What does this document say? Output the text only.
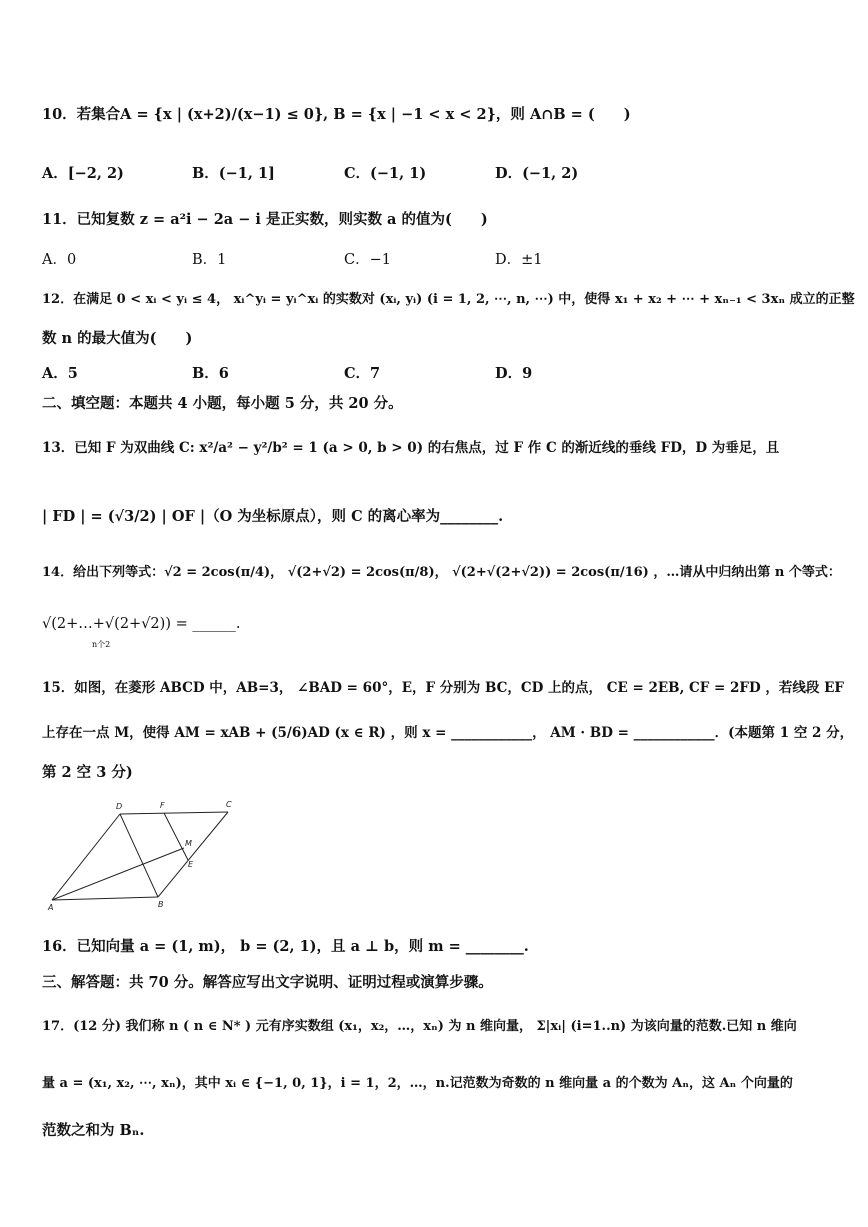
10．若集合A = {x | (x+2)/(x−1) ≤ 0}, B = {x | −1 < x < 2}，则 A∩B = (　　)
A．[−2, 2)	B．(−1, 1]	C．(−1, 1)	D．(−1, 2)
11．已知复数 z = a²i − 2a − i 是正实数，则实数 a 的值为(　　)
A．0	B．1	C．−1	D．±1
12．在满足 0 < xᵢ < yᵢ ≤ 4， xᵢ^yᵢ = yᵢ^xᵢ 的实数对 (xᵢ, yᵢ) (i = 1, 2, ⋯, n, ⋯) 中，使得 x₁ + x₂ + ⋯ + xₙ₋₁ < 3xₙ 成立的正整
数 n 的最大值为(　　)
A．5	B．6	C．7	D．9
二、填空题：本题共 4 小题，每小题 5 分，共 20 分。
13．已知 F 为双曲线 C: x²/a² − y²/b² = 1 (a > 0, b > 0) 的右焦点，过 F 作 C 的渐近线的垂线 FD，D 为垂足，且
| FD | = (√3/2) | OF |（O 为坐标原点），则 C 的离心率为________.
14．给出下列等式：√2 = 2cos(π/4)， √(2+√2) = 2cos(π/8)， √(2+√(2+√2)) = 2cos(π/16) ，…请从中归纳出第 n 个等式：
√(2+…+√(2+√2)) = ______.
n个2
15．如图，在菱形 ABCD 中，AB=3， ∠BAD = 60°，E，F 分别为 BC，CD 上的点， CE = 2EB, CF = 2FD ，若线段 EF
上存在一点 M，使得 AM = xAB + (5/6)AD (x ∈ R) ，则 x = ____________， AM · BD = ____________．(本题第 1 空 2 分，
第 2 空 3 分)
D	F	C
M
E
A	B
16．已知向量 a = (1, m)， b = (2, 1)，且 a ⊥ b，则 m = ________.
三、解答题：共 70 分。解答应写出文字说明、证明过程或演算步骤。
17．(12 分) 我们称 n ( n ∈ N* ) 元有序实数组 (x₁，x₂，…，xₙ) 为 n 维向量， Σ|xᵢ| (i=1..n) 为该向量的范数.已知 n 维向
量 a = (x₁, x₂, ⋯, xₙ)，其中 xᵢ ∈ {−1, 0, 1}，i = 1，2，…，n.记范数为奇数的 n 维向量 a 的个数为 Aₙ，这 Aₙ 个向量的
范数之和为 Bₙ.
